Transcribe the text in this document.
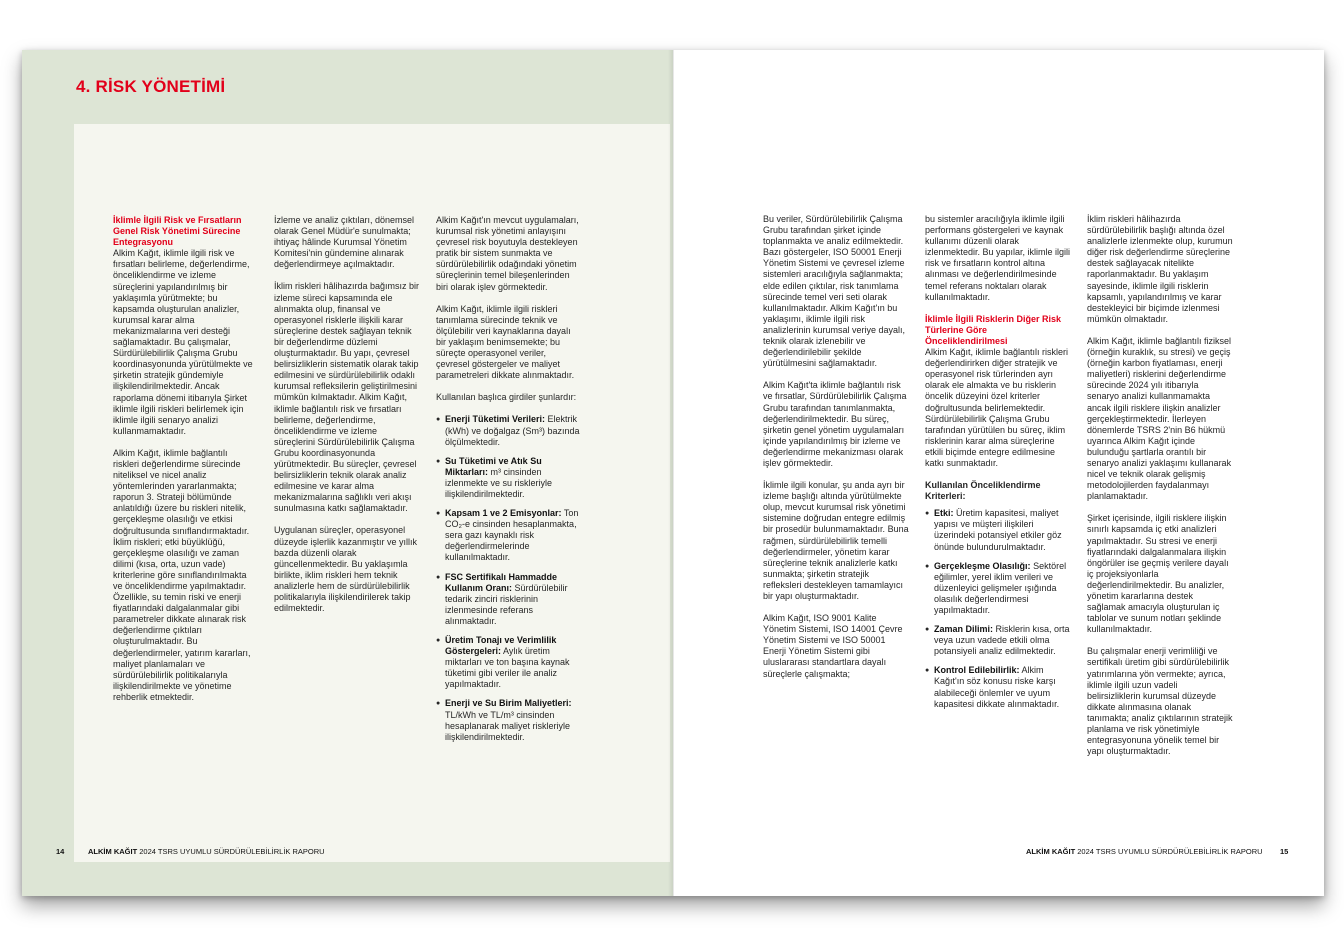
4. RİSK YÖNETİMİ
İklimle İlgili Risk ve Fırsatların Genel Risk Yönetimi Sürecine Entegrasyonu

Alkim Kağıt, iklimle ilgili risk ve fırsatları belirleme, değerlendirme, önceliklendirme ve izleme süreçlerini yapılandırılmış bir yaklaşımla yürütmekte; bu kapsamda oluşturulan analizler, kurumsal karar alma mekanizmalarına veri desteği sağlamaktadır. Bu çalışmalar, Sürdürülebilirlik Çalışma Grubu koordinasyonunda yürütülmekte ve şirketin stratejik gündemiyle ilişkilendirilmektedir. Ancak raporlama dönemi itibarıyla Şirket iklimle ilgili riskleri belirlemek için iklimle ilgili senaryo analizi kullanmamaktadır.

Alkim Kağıt, iklimle bağlantılı riskleri değerlendirme sürecinde niteliksel ve nicel analiz yöntemlerinden yararlanmakta; raporun 3. Strateji bölümünde anlatıldığı üzere bu riskleri nitelik, gerçekleşme olasılığı ve etkisi doğrultusunda sınıflandırmaktadır. İklim riskleri; etki büyüklüğü, gerçekleşme olasılığı ve zaman dilimi (kısa, orta, uzun vade) kriterlerine göre sınıflandırılmakta ve önceliklendirme yapılmaktadır. Özellikle, su temin riski ve enerji fiyatlarındaki dalgalanmalar gibi parametreler dikkate alınarak risk değerlendirme çıktıları oluşturulmaktadır. Bu değerlendirmeler, yatırım kararları, maliyet planlamaları ve sürdürülebilirlik politikalarıyla ilişkilendirilmekte ve yönetime rehberlik etmektedir.

İzleme ve analiz çıktıları, dönemsel olarak Genel Müdür'e sunulmakta; ihtiyaç hâlinde Kurumsal Yönetim Komitesi'nin gündemine alınarak değerlendirmeye açılmaktadır.

İklim riskleri hâlihazırda bağımsız bir izleme süreci kapsamında ele alınmakta olup, finansal ve operasyonel risklerle ilişkili karar süreçlerine destek sağlayan teknik bir değerlendirme düzlemi oluşturmaktadır. Bu yapı, çevresel belirsizliklerin sistematik olarak takip edilmesini ve sürdürülebilirlik odaklı kurumsal refleksilerin geliştirilmesini mümkün kılmaktadır. Alkim Kağıt, iklimle bağlantılı risk ve fırsatları belirleme, değerlendirme, önceliklendirme ve izleme süreçlerini Sürdürülebilirlik Çalışma Grubu koordinasyonunda yürütmektedir. Bu süreçler, çevresel belirsizliklerin teknik olarak analiz edilmesine ve karar alma mekanizmalarına sağlıklı veri akışı sunulmasına katkı sağlamaktadır.

Uygulanan süreçler, operasyonel düzeyde işlerlik kazanmıştır ve yıllık bazda düzenli olarak güncellenmektedir. Bu yaklaşımla birlikte, iklim riskleri hem teknik analizlerle hem de sürdürülebilirlik politikalarıyla ilişkilendirilerek takip edilmektedir.

Alkim Kağıt'ın mevcut uygulamaları, kurumsal risk yönetimi anlayışını çevresel risk boyutuyla destekleyen pratik bir sistem sunmakta ve sürdürülebilirlik odağındaki yönetim süreçlerinin temel bileşenlerinden biri olarak işlev görmektedir.

Alkim Kağıt, iklimle ilgili riskleri tanımlama sürecinde teknik ve ölçülebilir veri kaynaklarına dayalı bir yaklaşım benimsemekte; bu süreçte operasyonel veriler, çevresel göstergeler ve maliyet parametreleri dikkate alınmaktadır.

Kullanılan başlıca girdiler şunlardır:

● Enerji Tüketimi Verileri: Elektrik (kWh) ve doğalgaz (Sm³) bazında ölçülmektedir.
● Su Tüketimi ve Atık Su Miktarları: m³ cinsinden izlenmekte ve su riskleriyle ilişkilendirilmektedir.
● Kapsam 1 ve 2 Emisyonlar: Ton CO₂-e cinsinden hesaplanmakta, sera gazı kaynaklı risk değerlendirmelerinde kullanılmaktadır.
● FSC Sertifikalı Hammadde Kullanım Oranı: Sürdürülebilir tedarik zinciri risklerinin izlenmesinde referans alınmaktadır.
● Üretim Tonajı ve Verimlilik Göstergeleri: Aylık üretim miktarları ve ton başına kaynak tüketimi gibi veriler ile analiz yapılmaktadır.
● Enerji ve Su Birim Maliyetleri: TL/kWh ve TL/m³ cinsinden hesaplanarak maliyet riskleriyle ilişkilendirilmektedir.
14	ALKİM KAĞIT 2024 TSRS UYUMLU SÜRDÜRÜLEBİLİRLİK RAPORU

Bu veriler, Sürdürülebilirlik Çalışma Grubu tarafından şirket içinde toplanmakta ve analiz edilmektedir. Bazı göstergeler, ISO 50001 Enerji Yönetim Sistemi ve çevresel izleme sistemleri aracılığıyla sağlanmakta; elde edilen çıktılar, risk tanımlama sürecinde temel veri seti olarak kullanılmaktadır. Alkim Kağıt'ın bu yaklaşımı, iklimle ilgili risk analizlerinin kurumsal veriye dayalı, teknik olarak izlenebilir ve değerlendirilebilir şekilde yürütülmesini sağlamaktadır.

Alkim Kağıt'ta iklimle bağlantılı risk ve fırsatlar, Sürdürülebilirlik Çalışma Grubu tarafından tanımlanmakta, değerlendirilmektedir. Bu süreç, şirketin genel yönetim uygulamaları içinde yapılandırılmış bir izleme ve değerlendirme mekanizması olarak işlev görmektedir.

İklimle ilgili konular, şu anda ayrı bir izleme başlığı altında yürütülmekte olup, mevcut kurumsal risk yönetimi sistemine doğrudan entegre edilmiş bir prosedür bulunmamaktadır. Buna rağmen, sürdürülebilirlik temelli değerlendirmeler, yönetim karar süreçlerine teknik analizlerle katkı sunmakta; şirketin stratejik refleksleri destekleyen tamamlayıcı bir yapı oluşturmaktadır.

Alkim Kağıt, ISO 9001 Kalite Yönetim Sistemi, ISO 14001 Çevre Yönetim Sistemi ve ISO 50001 Enerji Yönetim Sistemi gibi uluslararası standartlara dayalı süreçlerle çalışmakta;

bu sistemler aracılığıyla iklimle ilgili performans göstergeleri ve kaynak kullanımı düzenli olarak izlenmektedir. Bu yapılar, iklimle ilgili risk ve fırsatların kontrol altına alınması ve değerlendirilmesinde temel referans noktaları olarak kullanılmaktadır.

İklimle İlgili Risklerin Diğer Risk Türlerine Göre Önceliklendirilmesi

Alkim Kağıt, iklimle bağlantılı riskleri değerlendirirken diğer stratejik ve operasyonel risk türlerinden ayrı olarak ele almakta ve bu risklerin öncelik düzeyini özel kriterler doğrultusunda belirlemektedir. Sürdürülebilirlik Çalışma Grubu tarafından yürütülen bu süreç, iklim risklerinin karar alma süreçlerine etkili biçimde entegre edilmesine katkı sunmaktadır.

Kullanılan Önceliklendirme Kriterleri:
● Etki: Üretim kapasitesi, maliyet yapısı ve müşteri ilişkileri üzerindeki potansiyel etkiler göz önünde bulundurulmaktadır.
● Gerçekleşme Olasılığı: Sektörel eğilimler, yerel iklim verileri ve düzenleyici gelişmeler ışığında olasılık değerlendirmesi yapılmaktadır.
● Zaman Dilimi: Risklerin kısa, orta veya uzun vadede etkili olma potansiyeli analiz edilmektedir.
● Kontrol Edilebilirlik: Alkim Kağıt'ın söz konusu riske karşı alabileceği önlemler ve uyum kapasitesi dikkate alınmaktadır.

İklim riskleri hâlihazırda sürdürülebilirlik başlığı altında özel analizlerle izlenmekte olup, kurumun diğer risk değerlendirme süreçlerine destek sağlayacak nitelikte raporlanmaktadır. Bu yaklaşım sayesinde, iklimle ilgili risklerin kapsamlı, yapılandırılmış ve karar destekleyici bir biçimde izlenmesi mümkün olmaktadır.

Alkim Kağıt, iklimle bağlantılı fiziksel (örneğin kuraklık, su stresi) ve geçiş (örneğin karbon fiyatlaması, enerji maliyetleri) risklerini değerlendirme sürecinde 2024 yılı itibarıyla senaryo analizi kullanmamakta ancak ilgili risklere ilişkin analizler gerçekleştirmektedir. İlerleyen dönemlerde TSRS 2'nin B6 hükmü uyarınca Alkim Kağıt içinde bulunduğu şartlarla orantılı bir senaryo analizi yaklaşımı kullanarak nicel ve teknik olarak gelişmiş metodolojilerden faydalanmayı planlamaktadır.

Şirket içerisinde, ilgili risklere ilişkin sınırlı kapsamda iç etki analizleri yapılmaktadır. Su stresi ve enerji fiyatlarındaki dalgalanmalara ilişkin öngörüler ise geçmiş verilere dayalı iç projeksiyonlarla değerlendirilmektedir. Bu analizler, yönetim kararlarına destek sağlamak amacıyla oluşturulan iç tablolar ve sunum notları şeklinde kullanılmaktadır.

Bu çalışmalar enerji verimliliği ve sertifikalı üretim gibi sürdürülebilirlik yatırımlarına yön vermekte; ayrıca, iklimle ilgili uzun vadeli belirsizliklerin kurumsal düzeyde dikkate alınmasına olanak tanımakta; analiz çıktılarının stratejik planlama ve risk yönetimiyle entegrasyonuna yönelik temel bir yapı oluşturmaktadır.

ALKİM KAĞIT 2024 TSRS UYUMLU SÜRDÜRÜLEBİLİRLİK RAPORU 15
